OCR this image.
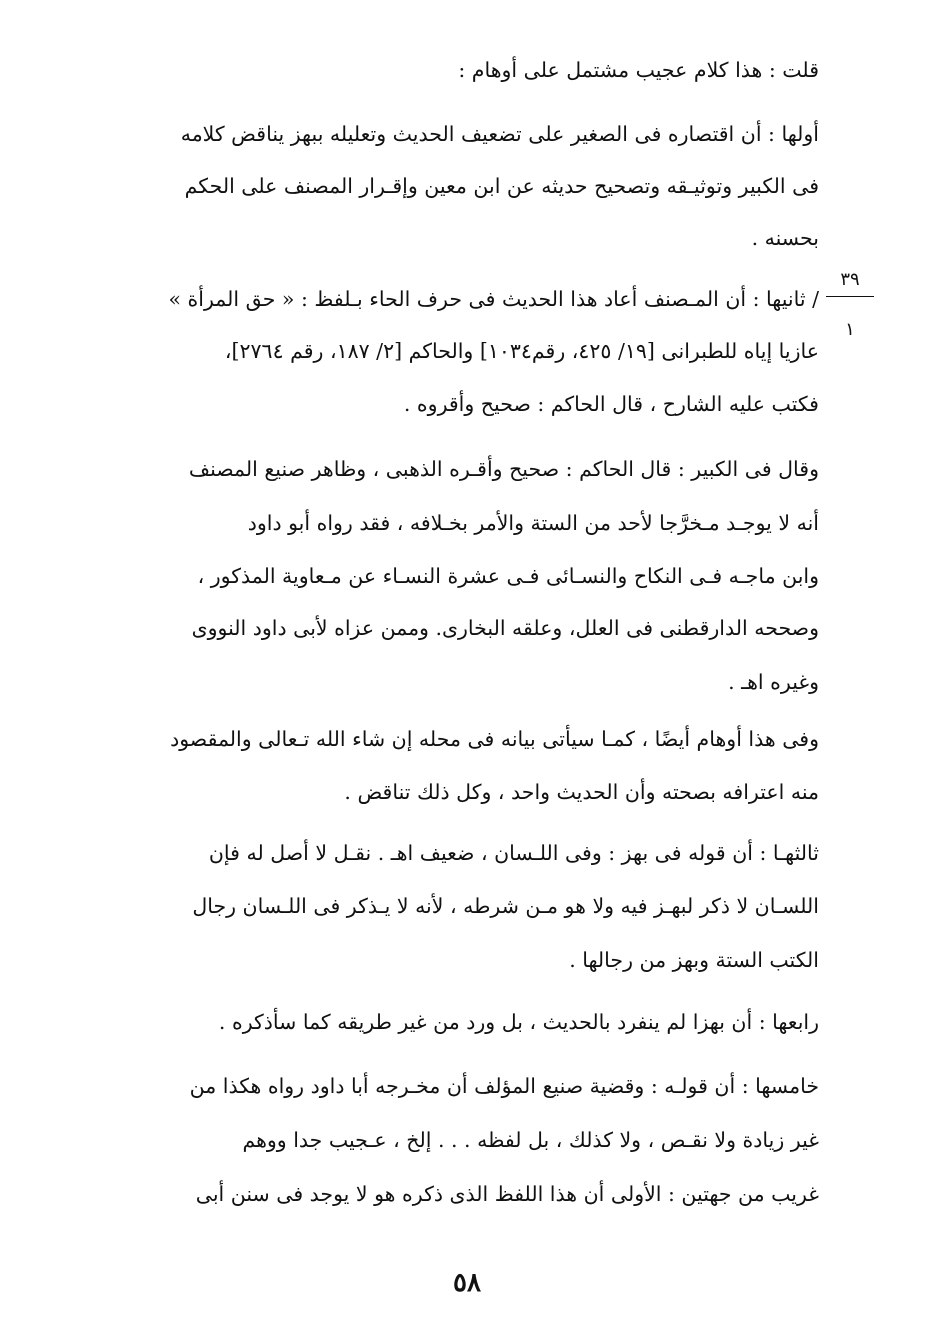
قلت : هذا كلام عجيب مشتمل على أوهام :
أولها : أن اقتصاره فى الصغير على تضعيف الحديث وتعليله ببهز يناقض كلامه
فى الكبير وتوثيـقه وتصحيح حديثه عن ابن معين وإقـرار المصنف على الحكم
بحسنه .
/ ثانيها : أن المـصنف أعاد هذا الحديث فى حرف الحاء بـلفظ : « حق المرأة »
عازيا إياه للطبرانى [١٩/ ٤٢٥، رقم١٠٣٤] والحاكم [٢/ ١٨٧، رقم ٢٧٦٤]،
فكتب عليه الشارح ، قال الحاكم : صحيح وأقروه .
وقال فى الكبير : قال الحاكم : صحيح وأقـره الذهبى ، وظاهر صنيع المصنف
أنه لا يوجـد مـخرَّجا لأحد من الستة والأمر بخـلافه ، فقد رواه أبو داود
وابن ماجـه فـى النكاح والنسـائى فـى عشرة النسـاء عن مـعاوية المذكور ،
وصححه الدارقطنى فى العلل، وعلقه البخارى. وممن عزاه لأبى داود النووى
وغيره اهـ .
وفى هذا أوهام أيضًا ، كمـا سيأتى بيانه فى محله إن شاء الله تـعالى والمقصود
منه اعترافه بصحته وأن الحديث واحد ، وكل ذلك تناقض .
ثالثهـا : أن قوله فى بهز : وفى اللـسان ، ضعيف اهـ . نقـل لا أصل له فإن
اللسـان لا ذكر لبهـز فيه ولا هو مـن شرطه ، لأنه لا يـذكر فى اللـسان رجال
الكتب الستة وبهز من رجالها .
رابعها : أن بهزا لم ينفرد بالحديث ، بل ورد من غير طريقه كما سأذكره .
خامسها : أن قولـه : وقضية صنيع المؤلف أن مخـرجه أبا داود رواه هكذا من
غير زيادة ولا نقـص ، ولا كذلك ، بل لفظه . . . إلخ ، عـجيب جدا ووهم
غريب من جهتين : الأولى أن هذا اللفظ الذى ذكره هو لا يوجد فى سنن أبى
٣٩
١
٥٨
